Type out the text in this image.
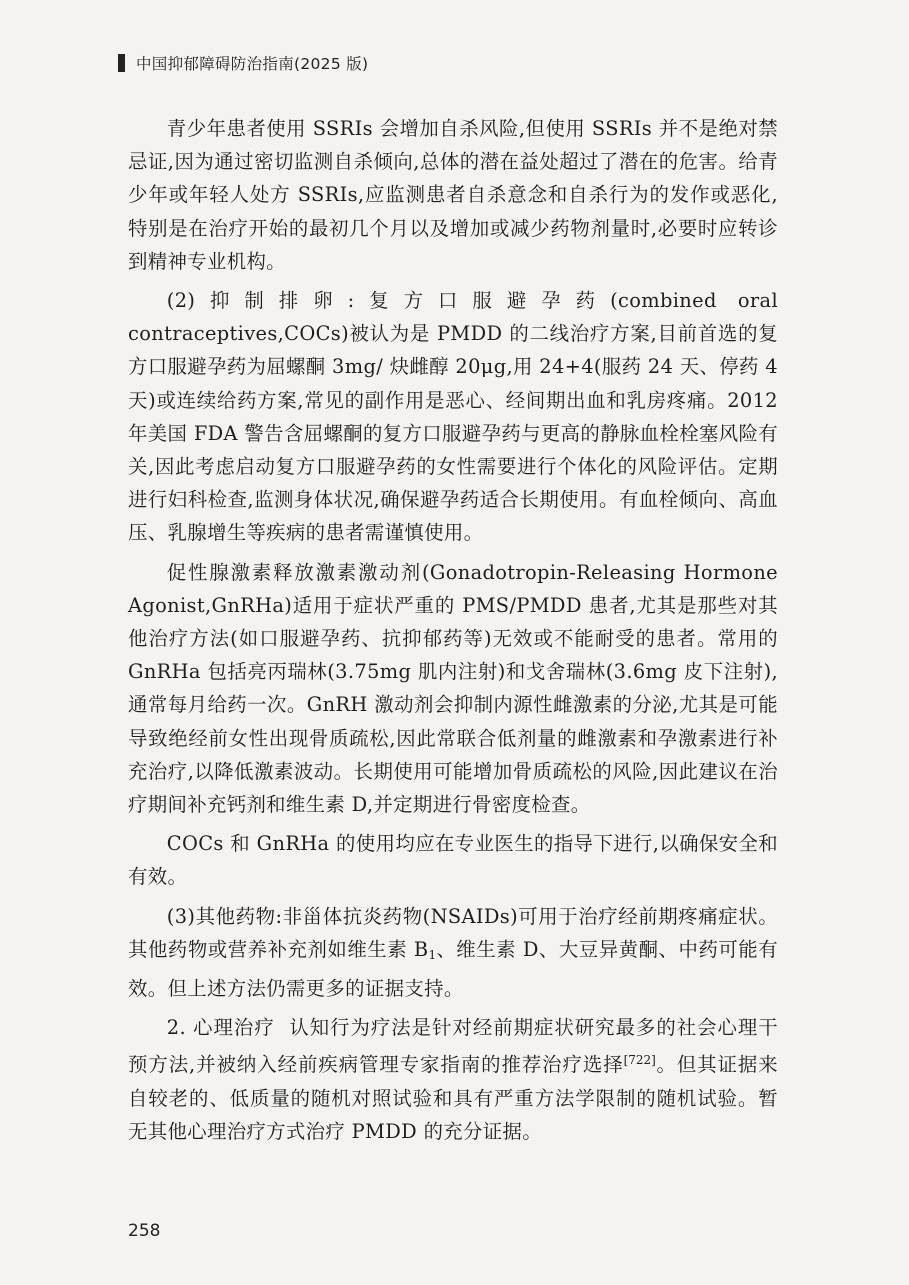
中国抑郁障碍防治指南(2025 版)

青少年患者使用 SSRIs 会增加自杀风险,但使用 SSRIs 并不是绝对禁忌证,因为通过密切监测自杀倾向,总体的潜在益处超过了潜在的危害。给青少年或年轻人处方 SSRIs,应监测患者自杀意念和自杀行为的发作或恶化,特别是在治疗开始的最初几个月以及增加或减少药物剂量时,必要时应转诊到精神专业机构。

(2)抑制排卵:复方口服避孕药(combined oral contraceptives,COCs)被认为是 PMDD 的二线治疗方案,目前首选的复方口服避孕药为屈螺酮 3mg/ 炔雌醇 20μg,用 24+4(服药 24 天、停药 4 天)或连续给药方案,常见的副作用是恶心、经间期出血和乳房疼痛。2012 年美国 FDA 警告含屈螺酮的复方口服避孕药与更高的静脉血栓栓塞风险有关,因此考虑启动复方口服避孕药的女性需要进行个体化的风险评估。定期进行妇科检查,监测身体状况,确保避孕药适合长期使用。有血栓倾向、高血压、乳腺增生等疾病的患者需谨慎使用。

促性腺激素释放激素激动剂(Gonadotropin-Releasing Hormone Agonist,GnRHa)适用于症状严重的 PMS/PMDD 患者,尤其是那些对其他治疗方法(如口服避孕药、抗抑郁药等)无效或不能耐受的患者。常用的 GnRHa 包括亮丙瑞林(3.75mg 肌内注射)和戈舍瑞林(3.6mg 皮下注射),通常每月给药一次。GnRH 激动剂会抑制内源性雌激素的分泌,尤其是可能导致绝经前女性出现骨质疏松,因此常联合低剂量的雌激素和孕激素进行补充治疗,以降低激素波动。长期使用可能增加骨质疏松的风险,因此建议在治疗期间补充钙剂和维生素 D,并定期进行骨密度检查。

COCs 和 GnRHa 的使用均应在专业医生的指导下进行,以确保安全和有效。

(3)其他药物:非甾体抗炎药物(NSAIDs)可用于治疗经前期疼痛症状。其他药物或营养补充剂如维生素 $B_1$、维生素 D、大豆异黄酮、中药可能有效。但上述方法仍需更多的证据支持。

2. 心理治疗 认知行为疗法是针对经前期症状研究最多的社会心理干预方法,并被纳入经前疾病管理专家指南的推荐治疗选择[722]。但其证据来自较老的、低质量的随机对照试验和具有严重方法学限制的随机试验。暂无其他心理治疗方式治疗 PMDD 的充分证据。

258
